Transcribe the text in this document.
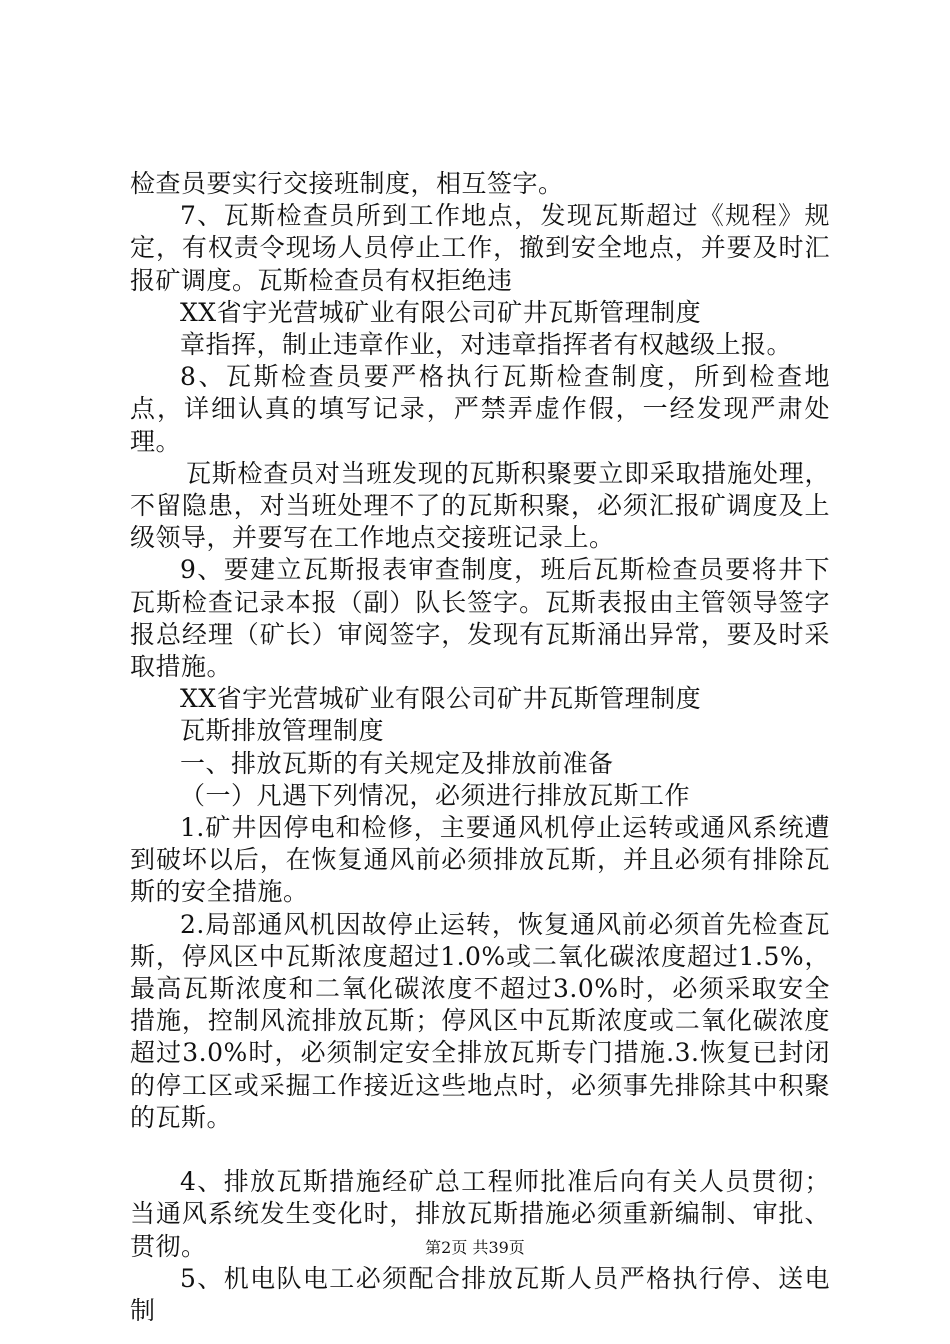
检查员要实行交接班制度，相互签字。

7、瓦斯检查员所到工作地点，发现瓦斯超过《规程》规定，有权责令现场人员停止工作，撤到安全地点，并要及时汇报矿调度。瓦斯检查员有权拒绝违

XX省宇光营城矿业有限公司矿井瓦斯管理制度

章指挥，制止违章作业，对违章指挥者有权越级上报。

8、瓦斯检查员要严格执行瓦斯检查制度，所到检查地点，详细认真的填写记录，严禁弄虚作假，一经发现严肃处理。

瓦斯检查员对当班发现的瓦斯积聚要立即采取措施处理，不留隐患，对当班处理不了的瓦斯积聚，必须汇报矿调度及上级领导，并要写在工作地点交接班记录上。

9、要建立瓦斯报表审查制度，班后瓦斯检查员要将井下瓦斯检查记录本报（副）队长签字。瓦斯表报由主管领导签字报总经理（矿长）审阅签字，发现有瓦斯涌出异常，要及时采取措施。

XX省宇光营城矿业有限公司矿井瓦斯管理制度

瓦斯排放管理制度

一、排放瓦斯的有关规定及排放前准备

（一）凡遇下列情况，必须进行排放瓦斯工作

1.矿井因停电和检修，主要通风机停止运转或通风系统遭到破坏以后，在恢复通风前必须排放瓦斯，并且必须有排除瓦斯的安全措施。

2.局部通风机因故停止运转，恢复通风前必须首先检查瓦斯，停风区中瓦斯浓度超过1.0%或二氧化碳浓度超过1.5%，最高瓦斯浓度和二氧化碳浓度不超过3.0%时，必须采取安全措施，控制风流排放瓦斯；停风区中瓦斯浓度或二氧化碳浓度超过3.0%时，必须制定安全排放瓦斯专门措施.3.恢复已封闭的停工区或采掘工作接近这些地点时，必须事先排除其中积聚的瓦斯。

4、排放瓦斯措施经矿总工程师批准后向有关人员贯彻；当通风系统发生变化时，排放瓦斯措施必须重新编制、审批、贯彻。

5、机电队电工必须配合排放瓦斯人员严格执行停、送电制

第2页 共39页
